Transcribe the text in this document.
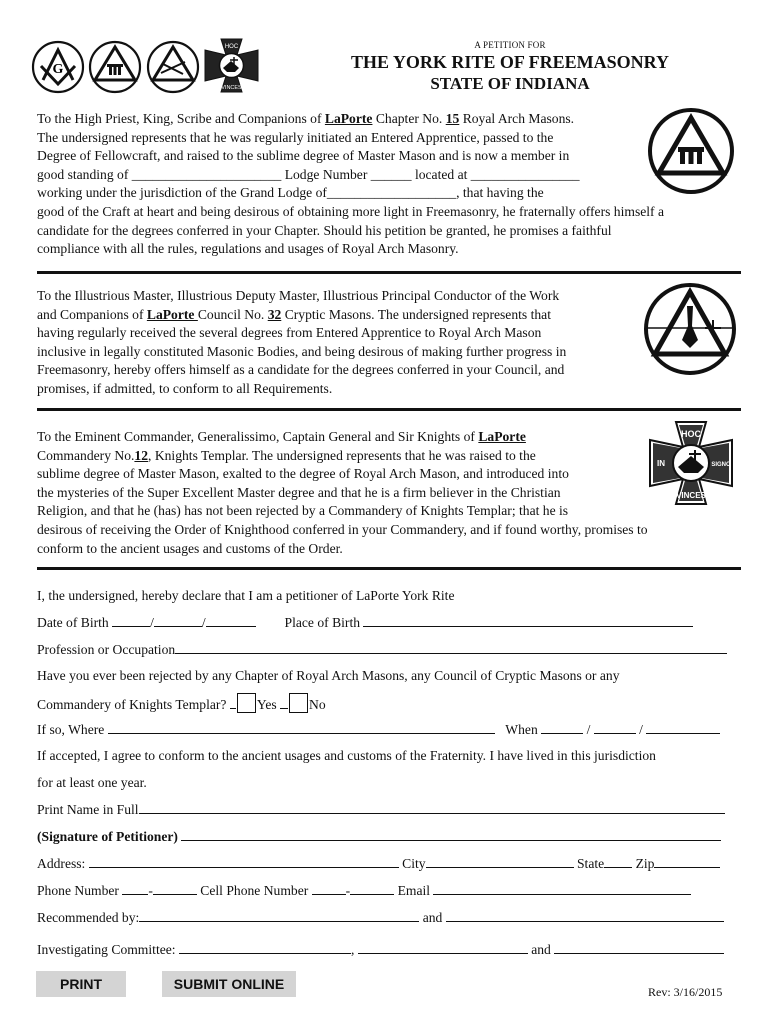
G
HOC
VINCES
A PETITION FOR
THE YORK RITE OF FREEMASONRY
STATE OF INDIANA

To the High Priest, King, Scribe and Companions of LaPorte Chapter No. 15 Royal Arch Masons.

The undersigned represents that he was regularly initiated an Entered Apprentice, passed to the

Degree of Fellowcraft, and raised to the sublime degree of Master Mason and is now a member in

good standing of ______________________ Lodge Number ______ located at ________________

working under the jurisdiction of the Grand Lodge of___________________, that having the

good of the Craft at heart and being desirous of obtaining more light in Freemasonry, he fraternally offers himself a

candidate for the degrees conferred in your Chapter. Should his petition be granted, he promises a faithful

compliance with all the rules, regulations and usages of Royal Arch Masonry.

To the Illustrious Master, Illustrious Deputy Master, Illustrious Principal Conductor of the Work

and Companions of LaPorte Council No. 32 Cryptic Masons. The undersigned represents that

having regularly received the several degrees from Entered Apprentice to Royal Arch Mason

inclusive in legally constituted Masonic Bodies, and being desirous of making further progress in

Freemasonry, hereby offers himself as a candidate for the degrees conferred in your Council, and

promises, if admitted, to conform to all Requirements.

To the Eminent Commander, Generalissimo, Captain General and Sir Knights of LaPorte

Commandery No.12, Knights Templar. The undersigned represents that he was raised to the

sublime degree of Master Mason, exalted to the degree of Royal Arch Mason, and introduced into

the mysteries of the Super Excellent Master degree and that he is a firm believer in the Christian

Religion, and that he (has) has not been rejected by a Commandery of Knights Templar; that he is

desirous of receiving the Order of Knighthood conferred in your Commandery, and if found worthy, promises to

conform to the ancient usages and customs of the Order.

HOC
VINCES
IN	SIGNO
I, the undersigned, hereby declare that I am a petitioner of LaPorte York Rite
Date of Birth	/	/	Place of Birth
Profession or Occupation
Have you ever been rejected by any Chapter of Royal Arch Masons, any Council of Cryptic Masons or any
Commandery of Knights Templar? Yes No
If so, Where	When	/	/
If accepted, I agree to conform to the ancient usages and customs of the Fraternity. I have lived in this jurisdiction
for at least one year.
Print Name in Full
(Signature of Petitioner)
Address:	City	State Zip
Phone Number -	Cell Phone Number	-	Email
Recommended by:	and
Investigating Committee:	,	and
PRINT	SUBMIT ONLINE	Rev: 3/16/2015
